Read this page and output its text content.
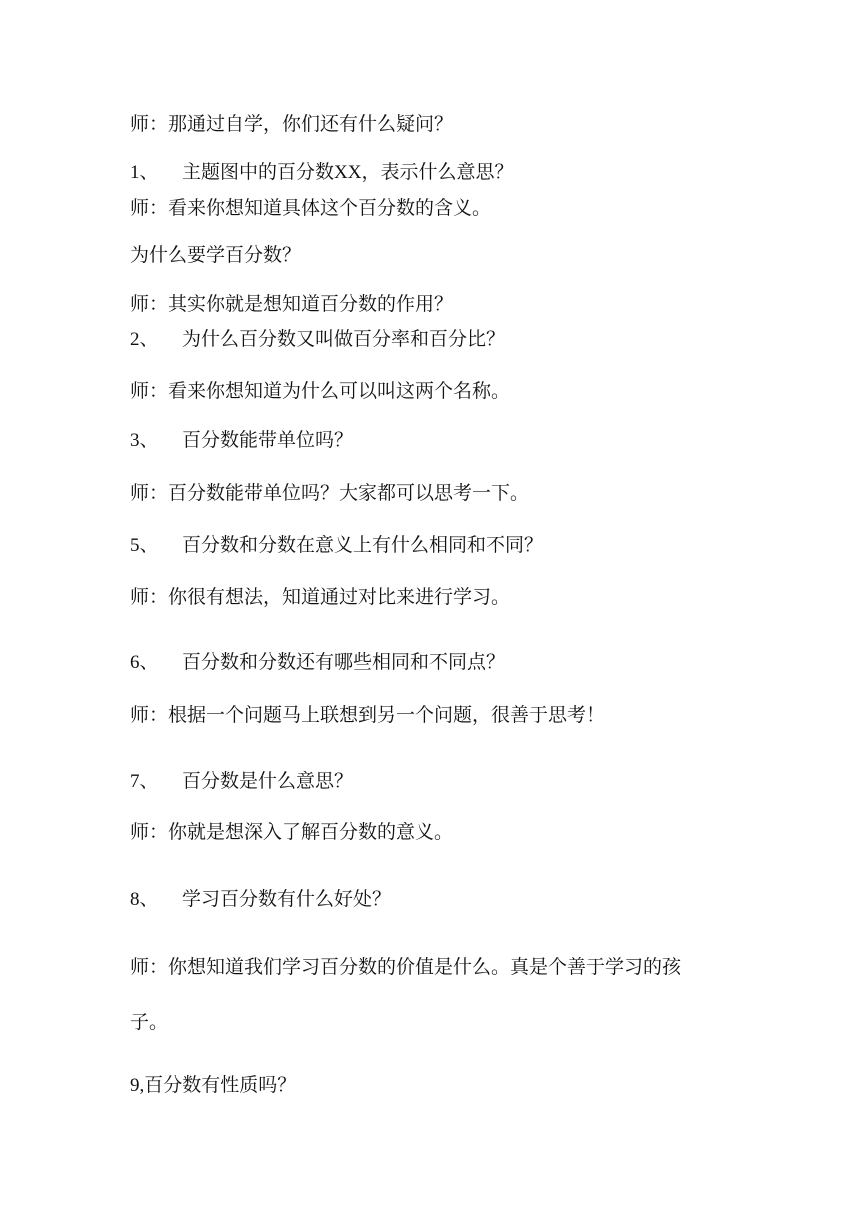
师：那通过自学，你们还有什么疑问？
1、 主题图中的百分数XX，表示什么意思？
师：看来你想知道具体这个百分数的含义。
为什么要学百分数？
师：其实你就是想知道百分数的作用？
2、 为什么百分数又叫做百分率和百分比？
师：看来你想知道为什么可以叫这两个名称。
3、 百分数能带单位吗？
师：百分数能带单位吗？大家都可以思考一下。
5、 百分数和分数在意义上有什么相同和不同？
师：你很有想法，知道通过对比来进行学习。
6、 百分数和分数还有哪些相同和不同点？
师：根据一个问题马上联想到另一个问题，很善于思考！
7、 百分数是什么意思？
师：你就是想深入了解百分数的意义。
8、 学习百分数有什么好处？
师：你想知道我们学习百分数的价值是什么。真是个善于学习的孩
子。
9,百分数有性质吗？
